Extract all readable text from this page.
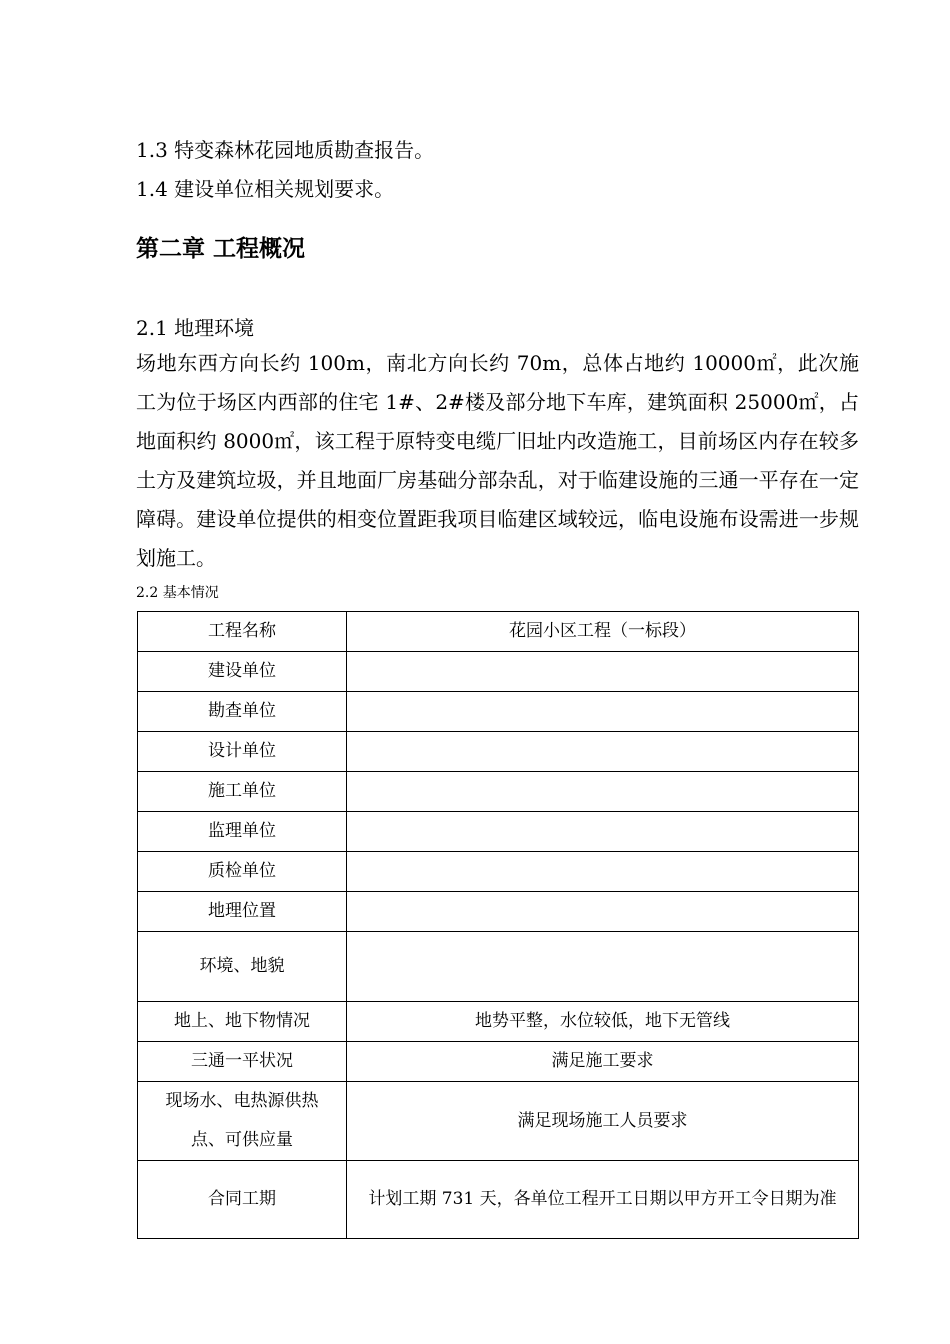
1.3 特变森林花园地质勘查报告。
1.4 建设单位相关规划要求。
第二章 工程概况
2.1 地理环境
场地东西方向长约 100m，南北方向长约 70m，总体占地约 10000㎡，此次施工为位于场区内西部的住宅 1#、2#楼及部分地下车库，建筑面积 25000㎡，占地面积约 8000㎡，该工程于原特变电缆厂旧址内改造施工，目前场区内存在较多土方及建筑垃圾，并且地面厂房基础分部杂乱，对于临建设施的三通一平存在一定障碍。建设单位提供的相变位置距我项目临建区域较远，临电设施布设需进一步规划施工。
2.2 基本情况
工程名称	花园小区工程（一标段）
建设单位	
勘查单位	
设计单位	
施工单位	
监理单位	
质检单位	
地理位置	
环境、地貌	
地上、地下物情况	地势平整，水位较低，地下无管线
三通一平状况	满足施工要求
现场水、电热源供热点、可供应量	满足现场施工人员要求
合同工期	计划工期 731 天，各单位工程开工日期以甲方开工令日期为准
